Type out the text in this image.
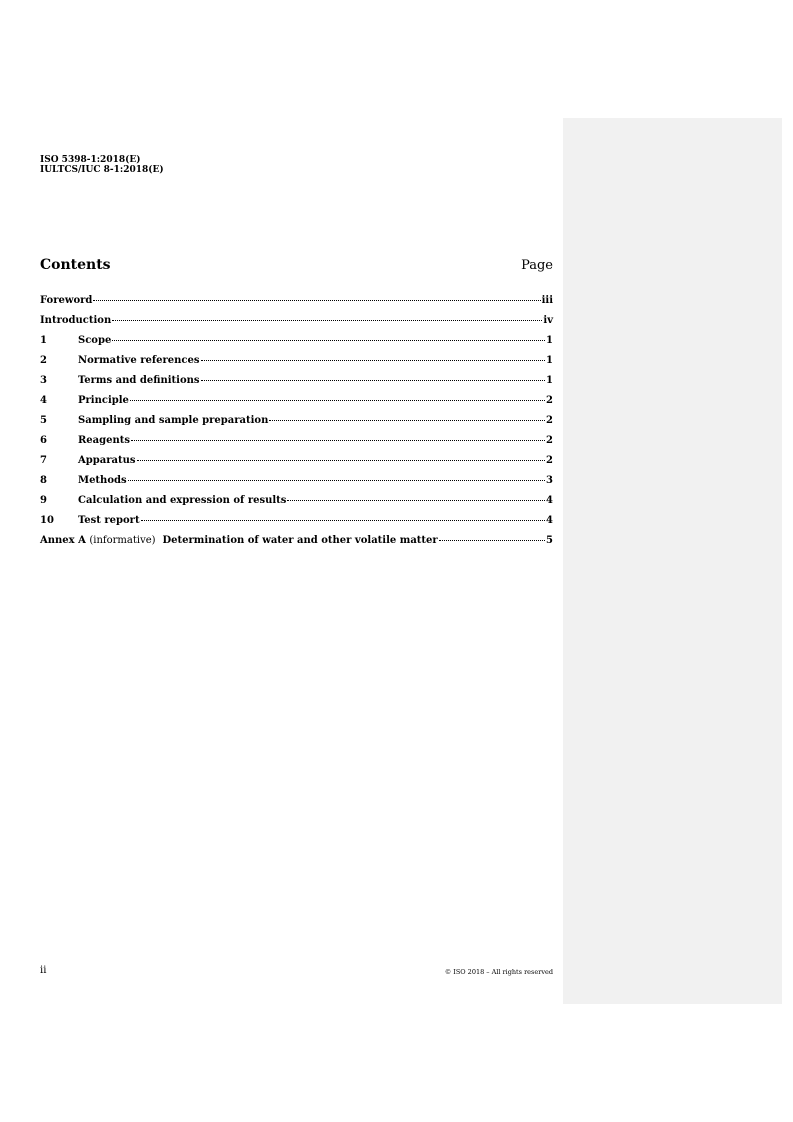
ISO 5398-1:2018(E)
IULTCS/IUC 8-1:2018(E)
Contents	Page
Foreword	iii
Introduction	iv
1	Scope	1
2	Normative references	1
3	Terms and definitions	1
4	Principle	2
5	Sampling and sample preparation	2
6	Reagents	2
7	Apparatus	2
8	Methods	3
9	Calculation and expression of results	4
10	Test report	4
Annex A (informative) Determination of water and other volatile matter	5
ii	© ISO 2018 – All rights reserved
